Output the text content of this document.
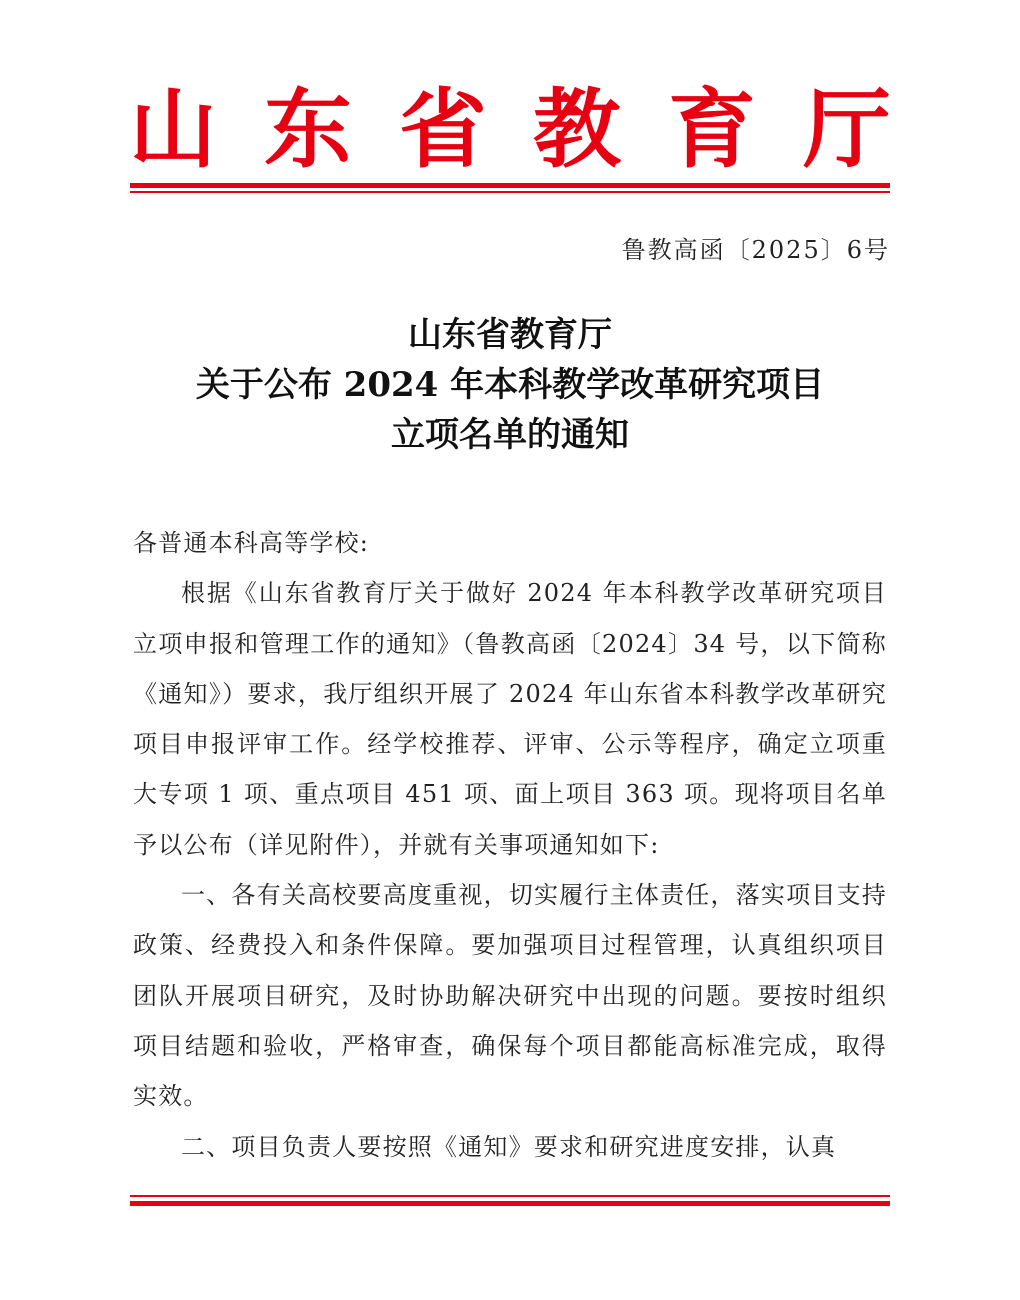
山 东 省 教 育 厅
鲁教高函〔2025〕6号
山东省教育厅
关于公布 2024 年本科教学改革研究项目
立项名单的通知

各普通本科高等学校:

根据《山东省教育厅关于做好 2024 年本科教学改革研究项目立项申报和管理工作的通知》（鲁教高函〔2024〕34 号，以下简称《通知》）要求，我厅组织开展了 2024 年山东省本科教学改革研究项目申报评审工作。经学校推荐、评审、公示等程序，确定立项重大专项 1 项、重点项目 451 项、面上项目 363 项。现将项目名单予以公布（详见附件），并就有关事项通知如下:

一、各有关高校要高度重视，切实履行主体责任，落实项目支持政策、经费投入和条件保障。要加强项目过程管理，认真组织项目团队开展项目研究，及时协助解决研究中出现的问题。要按时组织项目结题和验收，严格审查，确保每个项目都能高标准完成，取得实效。

二、项目负责人要按照《通知》要求和研究进度安排，认真
